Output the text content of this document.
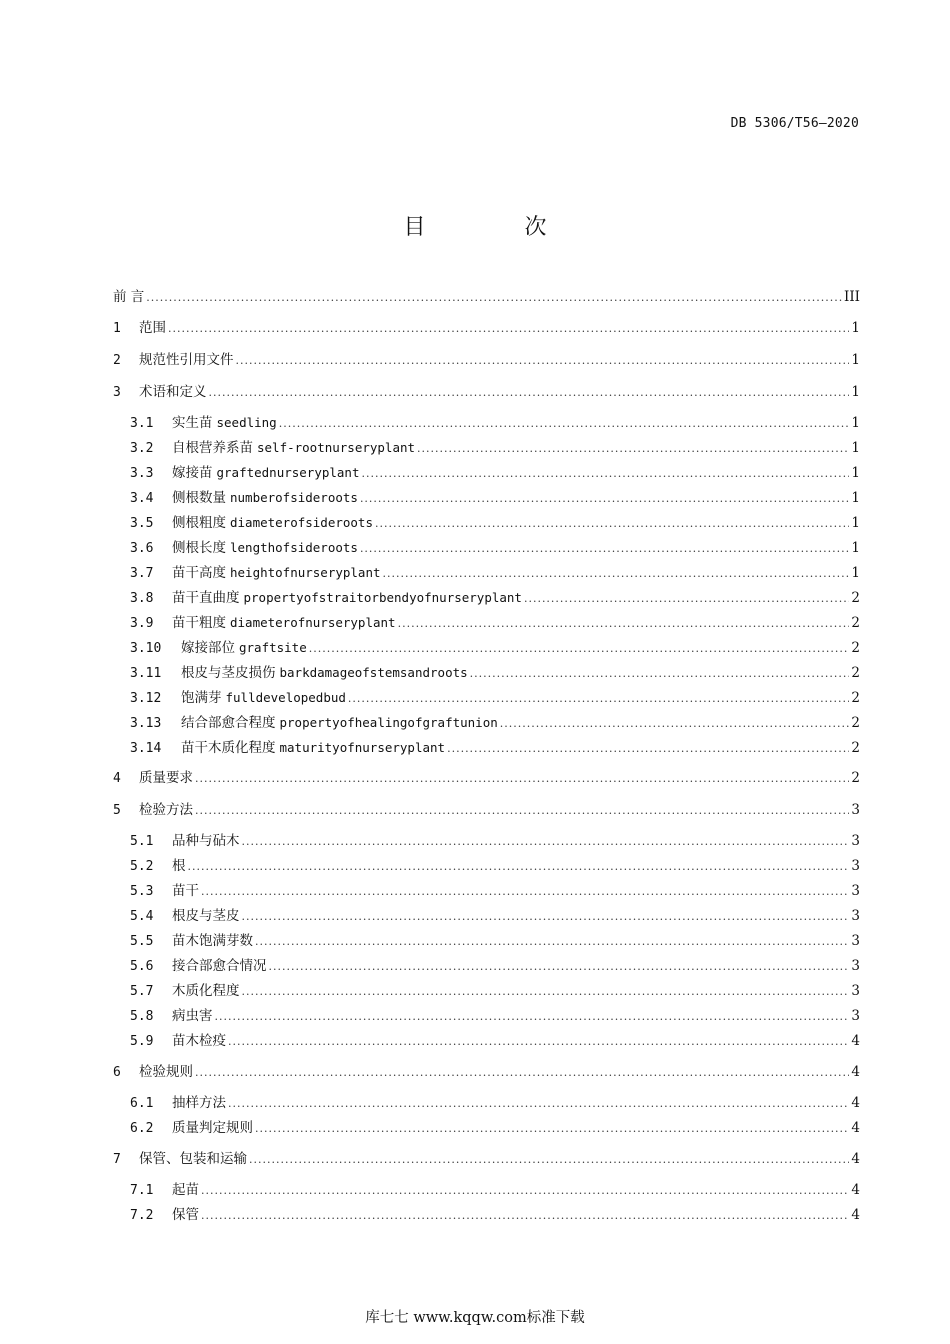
DB 5306/T56—2020
目 次
前 言 .....	III
1	范围 .....	1
2	规范性引用文件 .....	1
3	术语和定义 .....	1
3.1	实生苗 seedling .....	1
3.2	自根营养系苗 self-rootnurseryplant .....	1
3.3	嫁接苗 graftednurseryplant .....	1
3.4	侧根数量 numberofsideroots .....	1
3.5	侧根粗度 diameterofsideroots .....	1
3.6	侧根长度 lengthofsideroots .....	1
3.7	苗干高度 heightofnurseryplant .....	1
3.8	苗干直曲度 propertyofstraitorbendyofnurseryplant .....	2
3.9	苗干粗度 diameterofnurseryplant .....	2
3.10	嫁接部位 graftsite .....	2
3.11	根皮与茎皮损伤 barkdamageofstemsandroots .....	2
3.12	饱满芽 fulldevelopedbud .....	2
3.13	结合部愈合程度 propertyofhealingofgraftunion .....	2
3.14	苗干木质化程度 maturityofnurseryplant .....	2
4	质量要求 .....	2
5	检验方法 .....	3
5.1	品种与砧木 .....	3
5.2	根 .....	3
5.3	苗干 .....	3
5.4	根皮与茎皮 .....	3
5.5	苗木饱满芽数 .....	3
5.6	接合部愈合情况 .....	3
5.7	木质化程度 .....	3
5.8	病虫害 .....	3
5.9	苗木检疫 .....	4
6	检验规则 .....	4
6.1	抽样方法 .....	4
6.2	质量判定规则 .....	4
7	保管、包装和运输 .....	4
7.1	起苗 .....	4
7.2	保管 .....	4
库七七 www.kqqw.com标准下载
